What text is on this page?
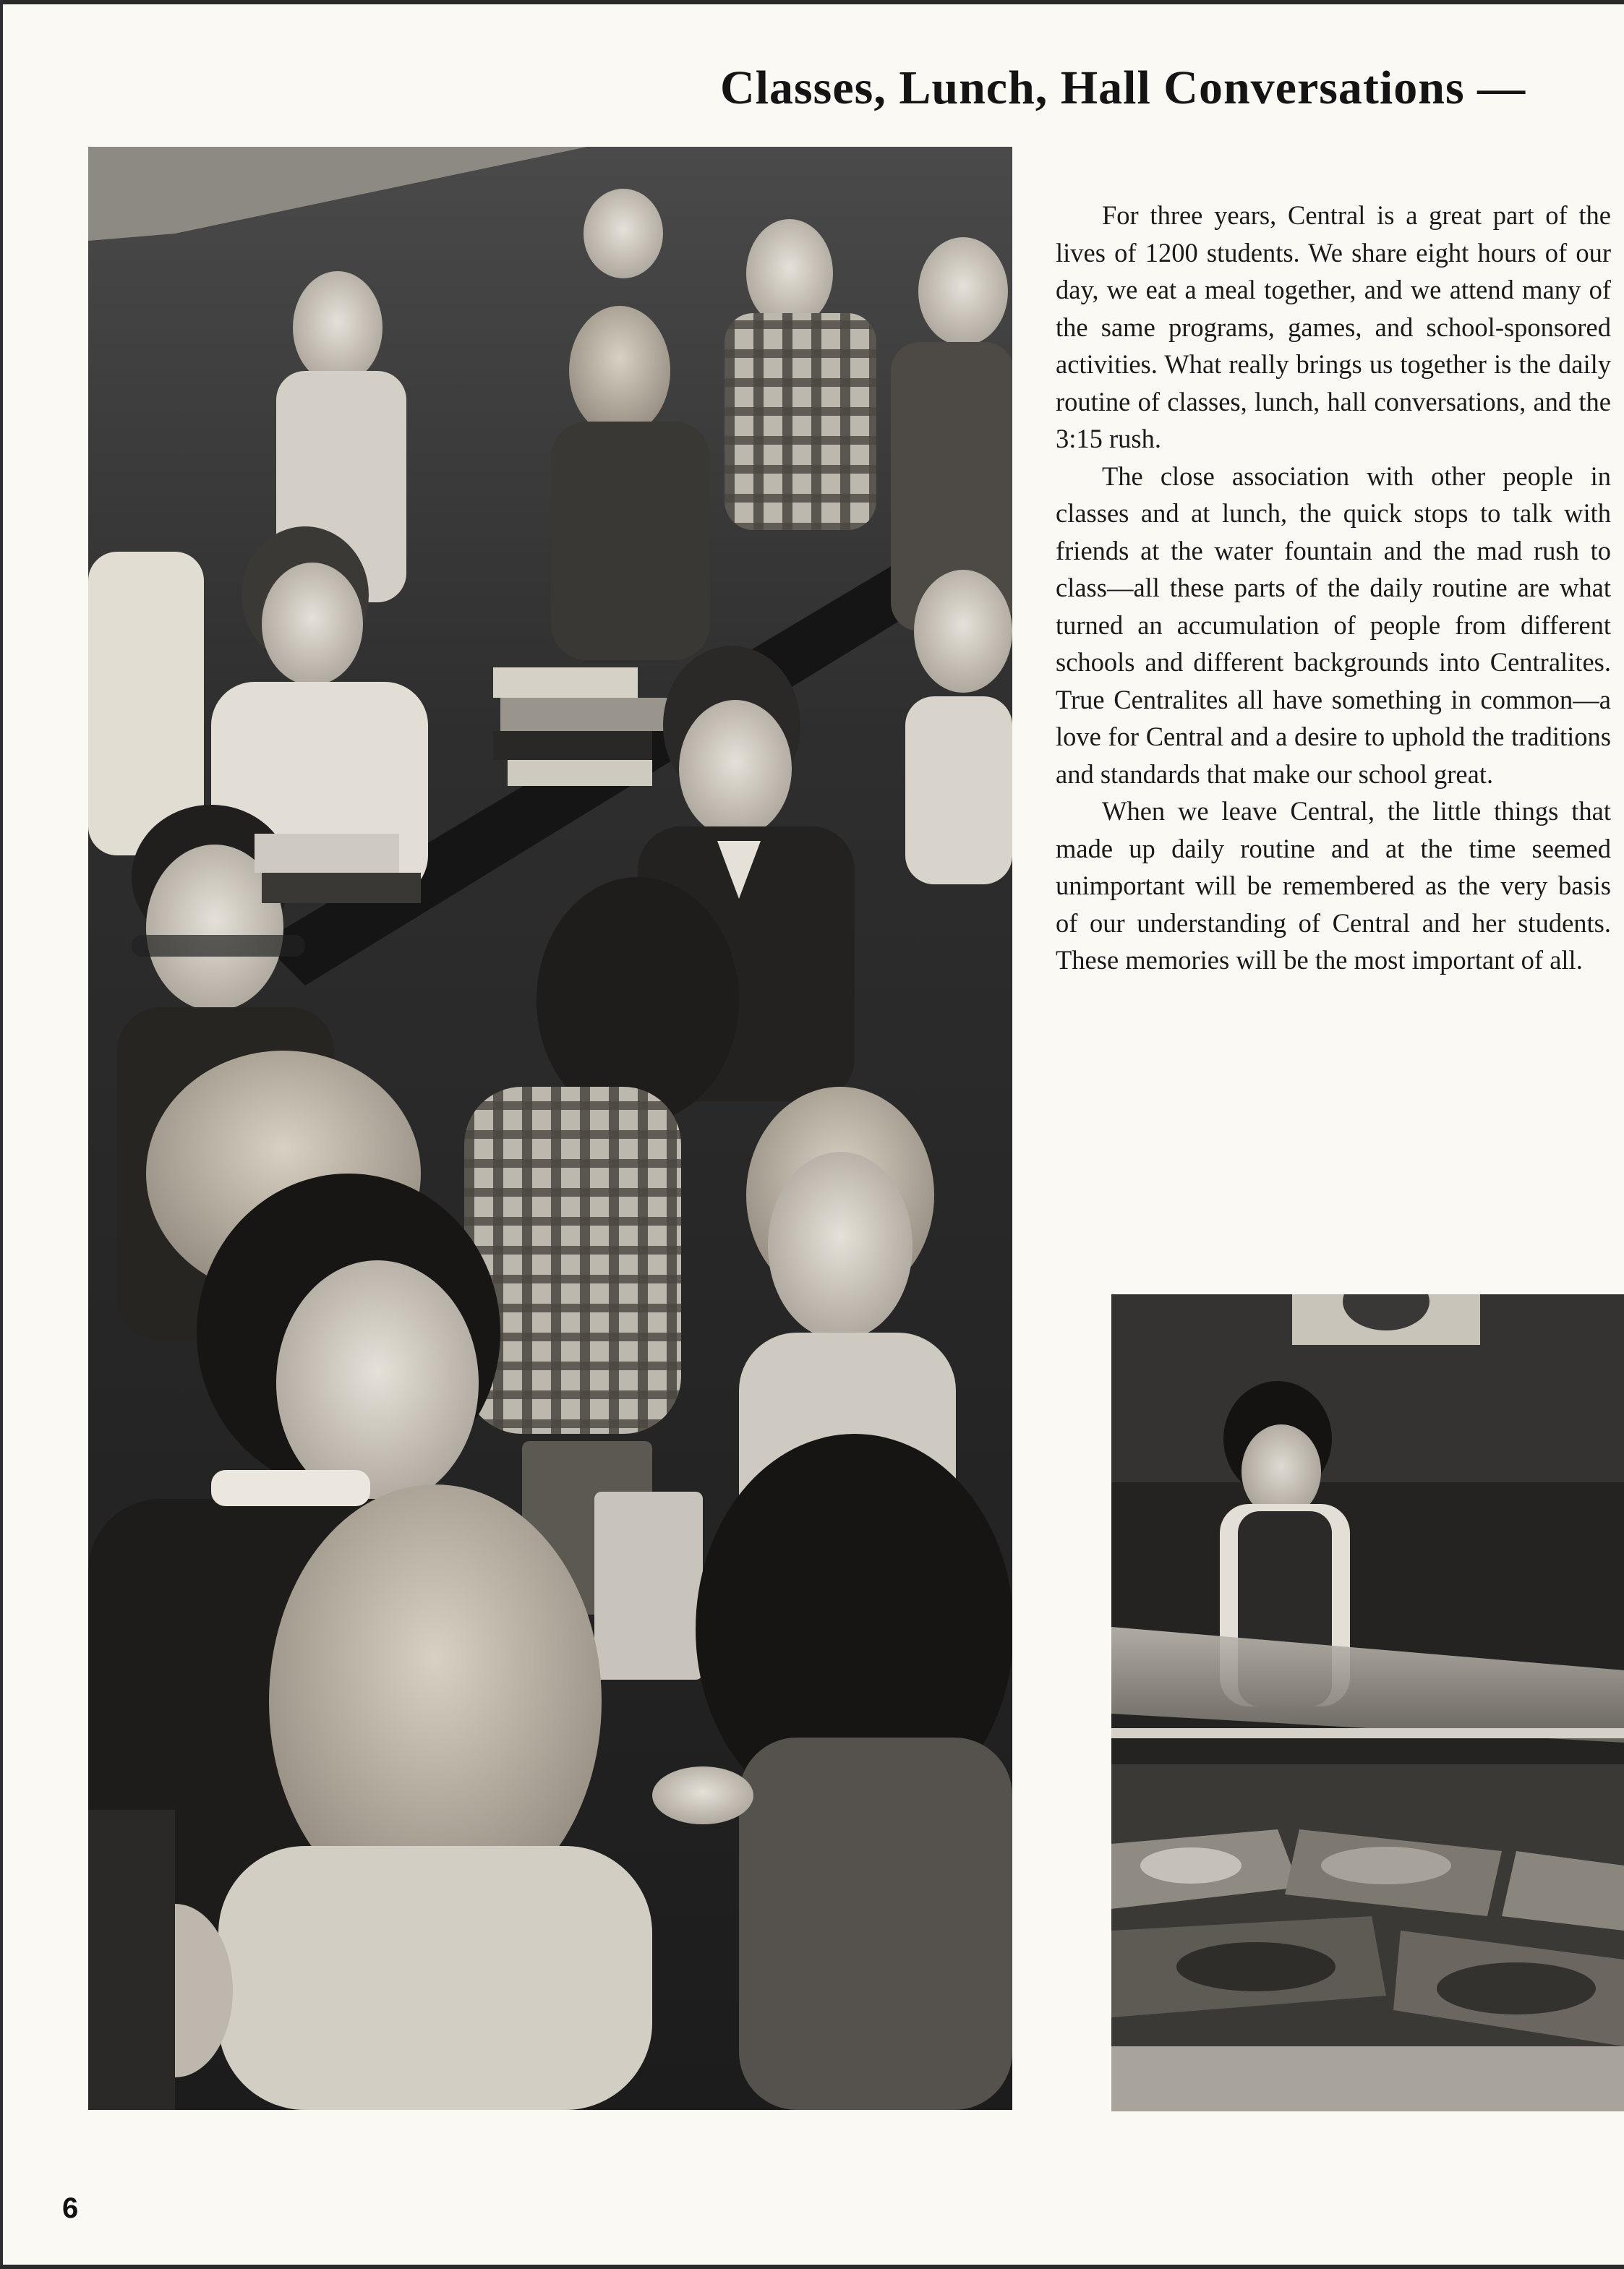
Classes, Lunch, Hall Conversations —

For three years, Central is a great part of the lives of 1200 students. We share eight hours of our day, we eat a meal together, and we attend many of the same programs, games, and school-sponsored activities. What really brings us together is the daily routine of classes, lunch, hall conversations, and the 3:15 rush.

The close association with other people in classes and at lunch, the quick stops to talk with friends at the water fountain and the mad rush to class—all these parts of the daily routine are what turned an accumulation of people from different schools and different backgrounds into Centralites. True Centralites all have something in common—a love for Central and a desire to uphold the traditions and standards that make our school great.

When we leave Central, the little things that made up daily routine and at the time seemed unimportant will be remembered as the very basis of our understanding of Central and her students. These memories will be the most important of all.

6
